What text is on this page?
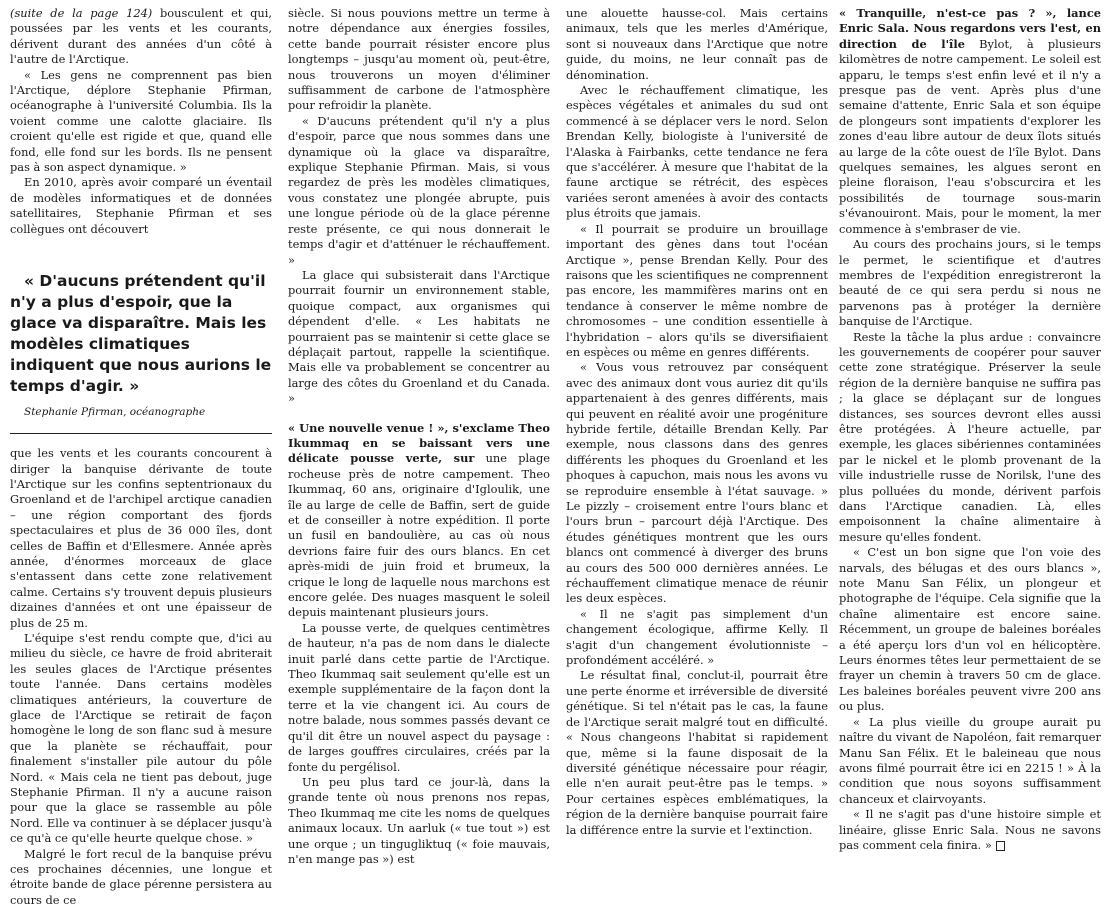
(suite de la page 124) bousculent et qui, poussées par les vents et les courants, dérivent durant des années d'un côté à l'autre de l'Arctique.

« Les gens ne comprennent pas bien l'Arctique, déplore Stephanie Pfirman, océanographe à l'université Columbia. Ils la voient comme une calotte glaciaire. Ils croient qu'elle est rigide et que, quand elle fond, elle fond sur les bords. Ils ne pensent pas à son aspect dynamique. »

En 2010, après avoir comparé un éventail de modèles informatiques et de données satellitaires, Stephanie Pfirman et ses collègues ont découvert

« D'aucuns prétendent qu'il n'y a plus d'espoir, que la glace va disparaître. Mais les modèles climatiques indiquent que nous aurions le temps d'agir. »

Stephanie Pfirman, océanographe

que les vents et les courants concourent à diriger la banquise dérivante de toute l'Arctique sur les confins septentrionaux du Groenland et de l'archipel arctique canadien – une région comportant des fjords spectaculaires et plus de 36 000 îles, dont celles de Baffin et d'Ellesmere. Année après année, d'énormes morceaux de glace s'entassent dans cette zone relativement calme. Certains s'y trouvent depuis plusieurs dizaines d'années et ont une épaisseur de plus de 25 m.

L'équipe s'est rendu compte que, d'ici au milieu du siècle, ce havre de froid abriterait les seules glaces de l'Arctique présentes toute l'année. Dans certains modèles climatiques antérieurs, la couverture de glace de l'Arctique se retirait de façon homogène le long de son flanc sud à mesure que la planète se réchauffait, pour finalement s'installer pile autour du pôle Nord. « Mais cela ne tient pas debout, juge Stephanie Pfirman. Il n'y a aucune raison pour que la glace se rassemble au pôle Nord. Elle va continuer à se déplacer jusqu'à ce qu'à ce qu'elle heurte quelque chose. »

Malgré le fort recul de la banquise prévu ces prochaines décennies, une longue et étroite bande de glace pérenne persistera au cours de ce

siècle. Si nous pouvions mettre un terme à notre dépendance aux énergies fossiles, cette bande pourrait résister encore plus longtemps – jusqu'au moment où, peut-être, nous trouverons un moyen d'éliminer suffisamment de carbone de l'atmosphère pour refroidir la planète.

« D'aucuns prétendent qu'il n'y a plus d'espoir, parce que nous sommes dans une dynamique où la glace va disparaître, explique Stephanie Pfirman. Mais, si vous regardez de près les modèles climatiques, vous constatez une plongée abrupte, puis une longue période où de la glace pérenne reste présente, ce qui nous donnerait le temps d'agir et d'atténuer le réchauffement. »

La glace qui subsisterait dans l'Arctique pourrait fournir un environnement stable, quoique compact, aux organismes qui dépendent d'elle. « Les habitats ne pourraient pas se maintenir si cette glace se déplaçait partout, rappelle la scientifique. Mais elle va probablement se concentrer au large des côtes du Groenland et du Canada. »

« Une nouvelle venue ! », s'exclame Theo Ikummaq en se baissant vers une délicate pousse verte, sur une plage rocheuse près de notre campement. Theo Ikummaq, 60 ans, originaire d'Igloulik, une île au large de celle de Baffin, sert de guide et de conseiller à notre expédition. Il porte un fusil en bandoulière, au cas où nous devrions faire fuir des ours blancs. En cet après-midi de juin froid et brumeux, la crique le long de laquelle nous marchons est encore gelée. Des nuages masquent le soleil depuis maintenant plusieurs jours.

La pousse verte, de quelques centimètres de hauteur, n'a pas de nom dans le dialecte inuit parlé dans cette partie de l'Arctique. Theo Ikummaq sait seulement qu'elle est un exemple supplémentaire de la façon dont la terre et la vie changent ici. Au cours de notre balade, nous sommes passés devant ce qu'il dit être un nouvel aspect du paysage : de larges gouffres circulaires, créés par la fonte du pergélisol.

Un peu plus tard ce jour-là, dans la grande tente où nous prenons nos repas, Theo Ikummaq me cite les noms de quelques animaux locaux. Un aarluk (« tue tout ») est une orque ; un tingugliktuq (« foie mauvais, n'en mange pas ») est

une alouette hausse-col. Mais certains animaux, tels que les merles d'Amérique, sont si nouveaux dans l'Arctique que notre guide, du moins, ne leur connaît pas de dénomination.

Avec le réchauffement climatique, les espèces végétales et animales du sud ont commencé à se déplacer vers le nord. Selon Brendan Kelly, biologiste à l'université de l'Alaska à Fairbanks, cette tendance ne fera que s'accélérer. À mesure que l'habitat de la faune arctique se rétrécit, des espèces variées seront amenées à avoir des contacts plus étroits que jamais.

« Il pourrait se produire un brouillage important des gènes dans tout l'océan Arctique », pense Brendan Kelly. Pour des raisons que les scientifiques ne comprennent pas encore, les mammifères marins ont en tendance à conserver le même nombre de chromosomes – une condition essentielle à l'hybridation – alors qu'ils se diversifiaient en espèces ou même en genres différents.

« Vous vous retrouvez par conséquent avec des animaux dont vous auriez dit qu'ils appartenaient à des genres différents, mais qui peuvent en réalité avoir une progéniture hybride fertile, détaille Brendan Kelly. Par exemple, nous classons dans des genres différents les phoques du Groenland et les phoques à capuchon, mais nous les avons vu se reproduire ensemble à l'état sauvage. » Le pizzly – croisement entre l'ours blanc et l'ours brun – parcourt déjà l'Arctique. Des études génétiques montrent que les ours blancs ont commencé à diverger des bruns au cours des 500 000 dernières années. Le réchauffement climatique menace de réunir les deux espèces.

« Il ne s'agit pas simplement d'un changement écologique, affirme Kelly. Il s'agit d'un changement évolutionniste – profondément accéléré. »

Le résultat final, conclut-il, pourrait être une perte énorme et irréversible de diversité génétique. Si tel n'était pas le cas, la faune de l'Arctique serait malgré tout en difficulté. « Nous changeons l'habitat si rapidement que, même si la faune disposait de la diversité génétique nécessaire pour réagir, elle n'en aurait peut-être pas le temps. » Pour certaines espèces emblématiques, la région de la dernière banquise pourrait faire la différence entre la survie et l'extinction.

« Tranquille, n'est-ce pas ? », lance Enric Sala. Nous regardons vers l'est, en direction de l'île Bylot, à plusieurs kilomètres de notre campement. Le soleil est apparu, le temps s'est enfin levé et il n'y a presque pas de vent. Après plus d'une semaine d'attente, Enric Sala et son équipe de plongeurs sont impatients d'explorer les zones d'eau libre autour de deux îlots situés au large de la côte ouest de l'île Bylot. Dans quelques semaines, les algues seront en pleine floraison, l'eau s'obscurcira et les possibilités de tournage sous-marin s'évanouiront. Mais, pour le moment, la mer commence à s'embraser de vie.

Au cours des prochains jours, si le temps le permet, le scientifique et d'autres membres de l'expédition enregistreront la beauté de ce qui sera perdu si nous ne parvenons pas à protéger la dernière banquise de l'Arctique.

Reste la tâche la plus ardue : convaincre les gouvernements de coopérer pour sauver cette zone stratégique. Préserver la seule région de la dernière banquise ne suffira pas ; la glace se déplaçant sur de longues distances, ses sources devront elles aussi être protégées. À l'heure actuelle, par exemple, les glaces sibériennes contaminées par le nickel et le plomb provenant de la ville industrielle russe de Norilsk, l'une des plus polluées du monde, dérivent parfois dans l'Arctique canadien. Là, elles empoisonnent la chaîne alimentaire à mesure qu'elles fondent.

« C'est un bon signe que l'on voie des narvals, des bélugas et des ours blancs », note Manu San Félix, un plongeur et photographe de l'équipe. Cela signifie que la chaîne alimentaire est encore saine. Récemment, un groupe de baleines boréales a été aperçu lors d'un vol en hélicoptère. Leurs énormes têtes leur permettaient de se frayer un chemin à travers 50 cm de glace. Les baleines boréales peuvent vivre 200 ans ou plus.

« La plus vieille du groupe aurait pu naître du vivant de Napoléon, fait remarquer Manu San Félix. Et le baleineau que nous avons filmé pourrait être ici en 2215 ! » À la condition que nous soyons suffisamment chanceux et clairvoyants.

« Il ne s'agit pas d'une histoire simple et linéaire, glisse Enric Sala. Nous ne savons pas comment cela finira. »
